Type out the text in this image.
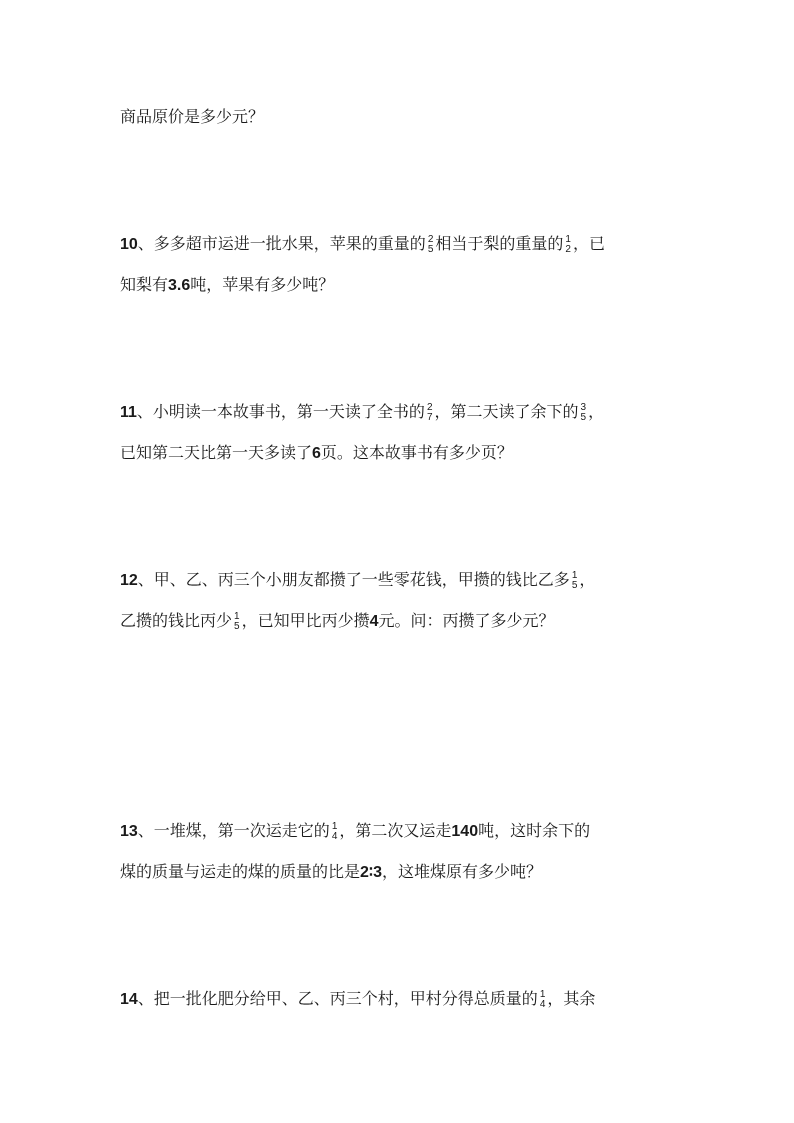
商品原价是多少元？
10、多多超市运进一批水果，苹果的重量的 2
5 相当于梨的重量的 1
2 ，已
知梨有3.6吨，苹果有多少吨？
11、小明读一本故事书，第一天读了全书的 2
7 ，第二天读了余下的 3
5 ，
已知第二天比第一天多读了6页。这本故事书有多少页？
12、甲、乙、丙三个小朋友都攒了一些零花钱，甲攒的钱比乙多 1
5 ，
乙攒的钱比丙少 1
5 ，已知甲比丙少攒4元。问：丙攒了多少元？
13、一堆煤，第一次运走它的 1
4 ，第二次又运走140吨，这时余下的
煤的质量与运走的煤的质量的比是2∶3，这堆煤原有多少吨？
14、把一批化肥分给甲、乙、丙三个村，甲村分得总质量的 1
4 ，其余
